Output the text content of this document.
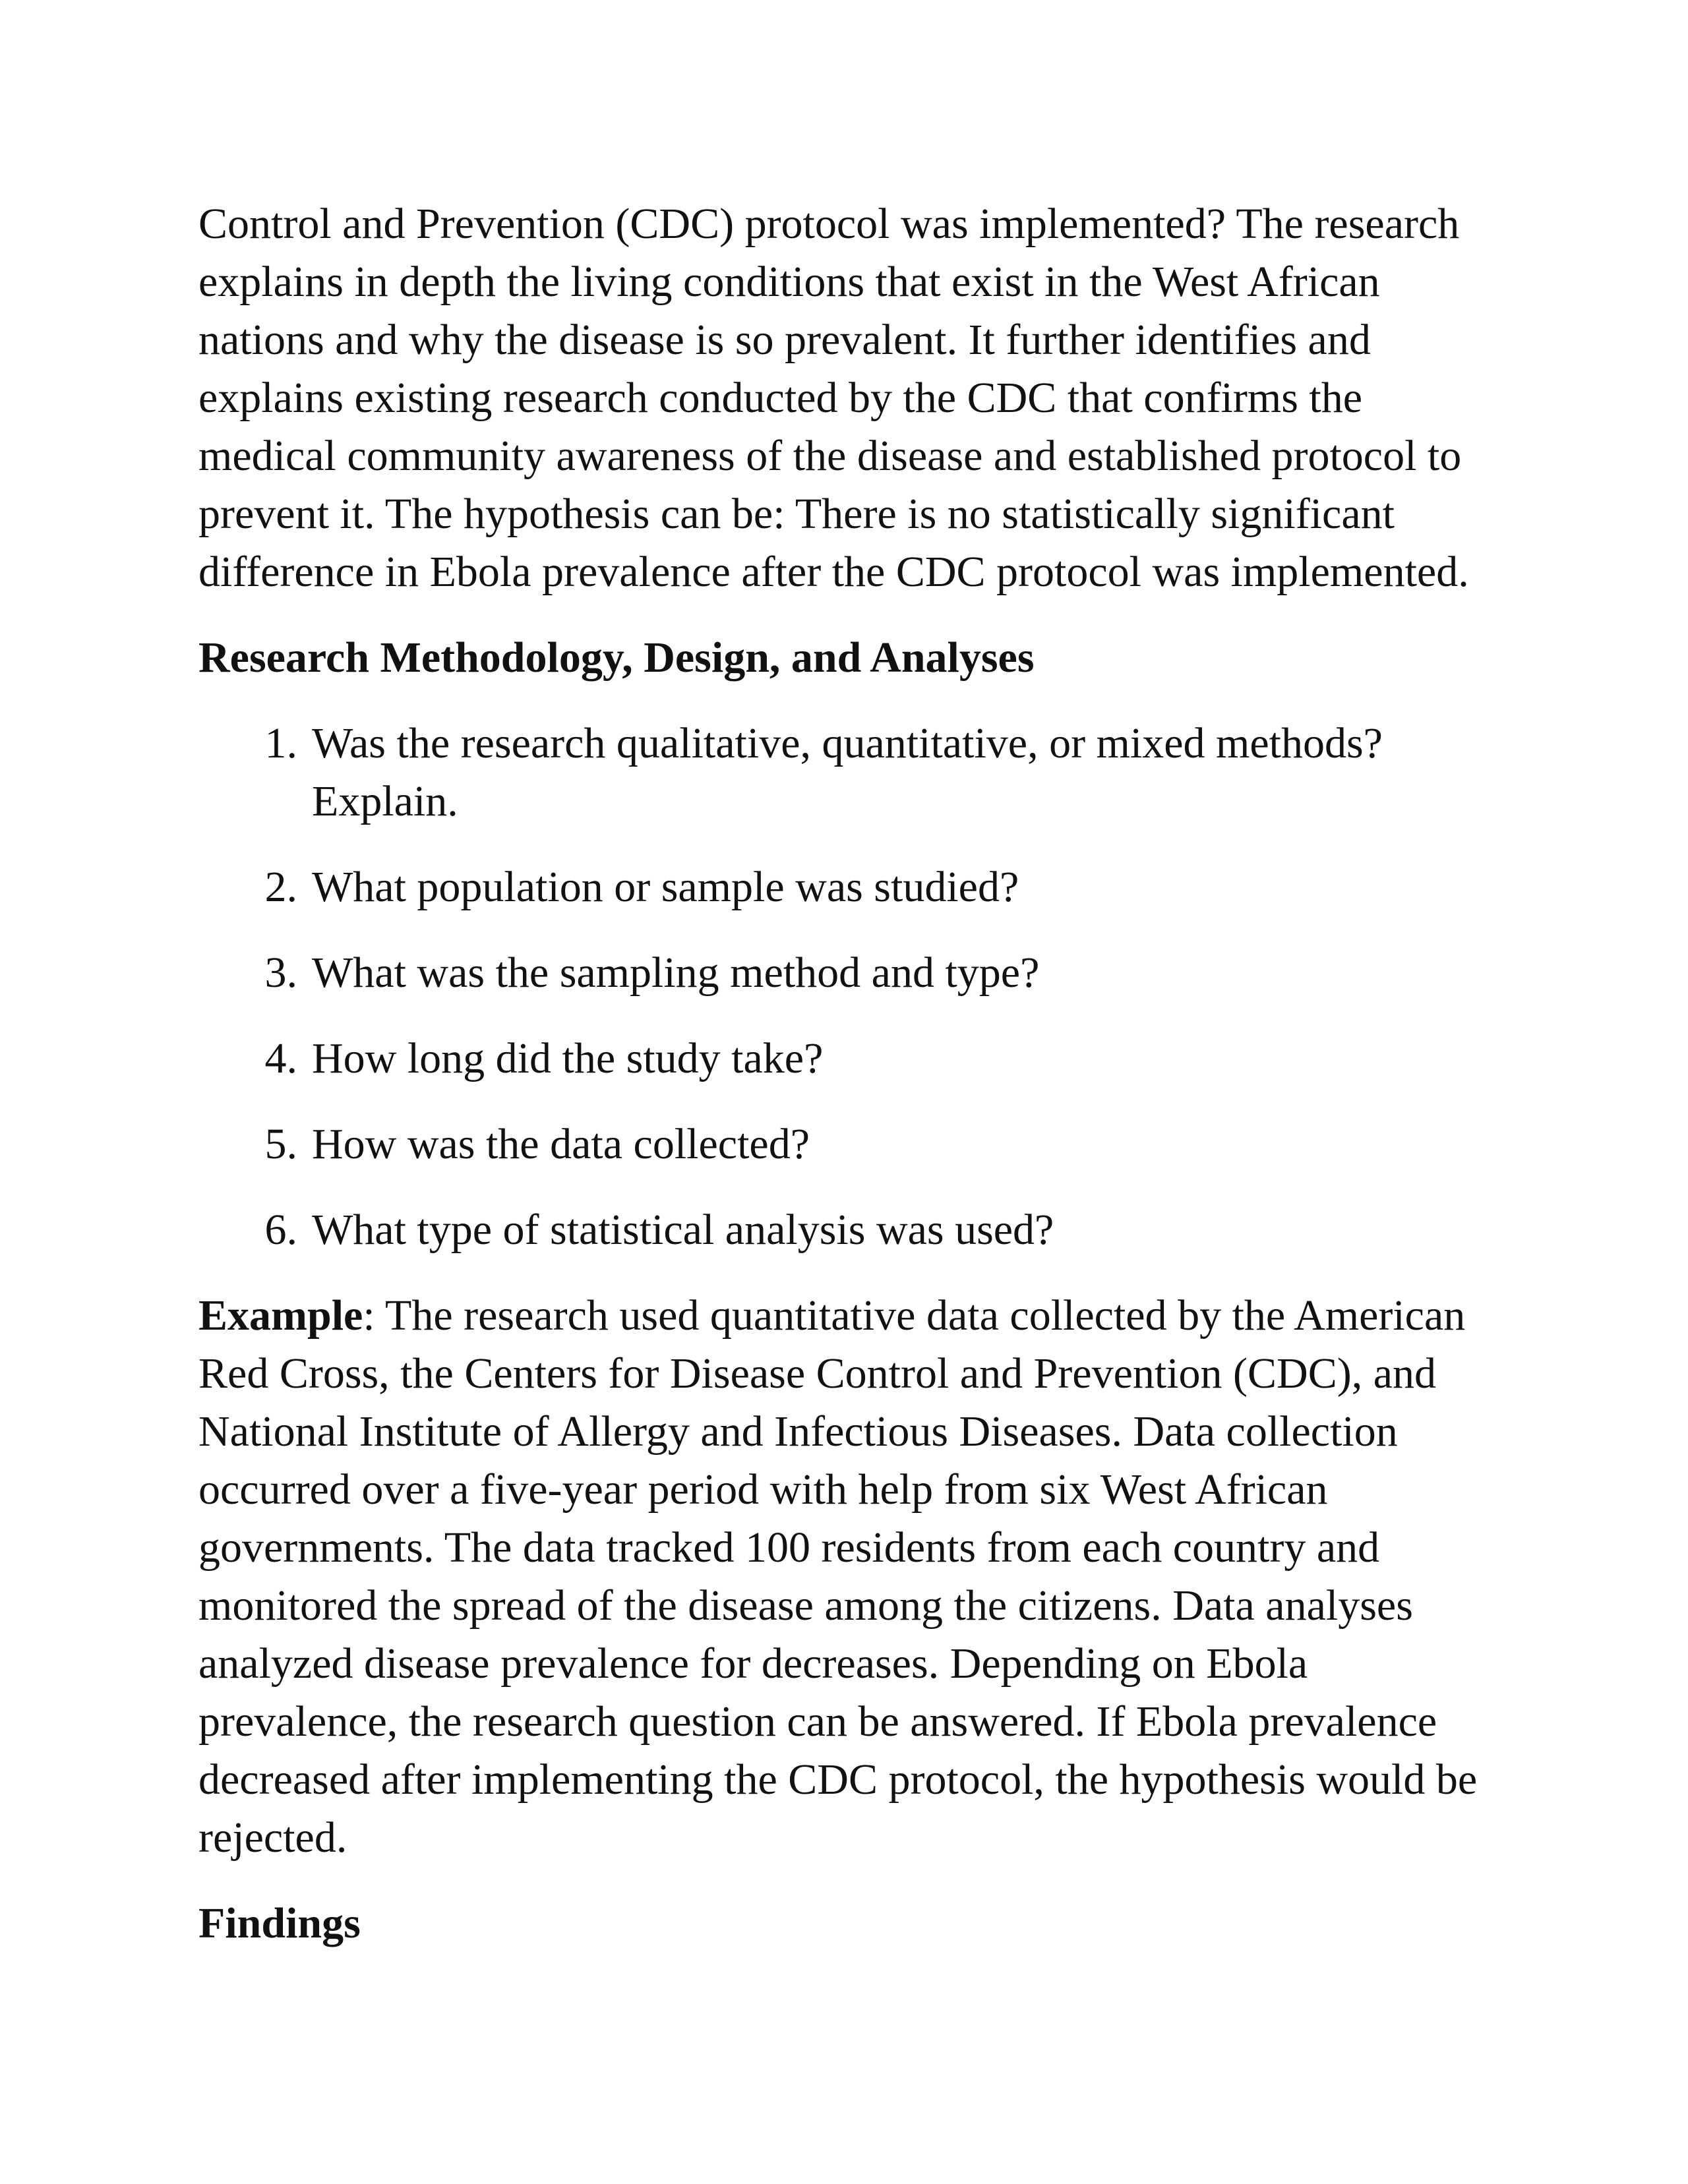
Control and Prevention (CDC) protocol was implemented? The research explains in depth the living conditions that exist in the West African nations and why the disease is so prevalent. It further identifies and explains existing research conducted by the CDC that confirms the medical community awareness of the disease and established protocol to prevent it. The hypothesis can be: There is no statistically significant difference in Ebola prevalence after the CDC protocol was implemented.

Research Methodology, Design, and Analyses

1. Was the research qualitative, quantitative, or mixed methods? Explain.
2. What population or sample was studied?
3. What was the sampling method and type?
4. How long did the study take?
5. How was the data collected?
6. What type of statistical analysis was used?

Example: The research used quantitative data collected by the American Red Cross, the Centers for Disease Control and Prevention (CDC), and National Institute of Allergy and Infectious Diseases. Data collection occurred over a five-year period with help from six West African governments. The data tracked 100 residents from each country and monitored the spread of the disease among the citizens. Data analyses analyzed disease prevalence for decreases. Depending on Ebola prevalence, the research question can be answered. If Ebola prevalence decreased after implementing the CDC protocol, the hypothesis would be rejected.

Findings
